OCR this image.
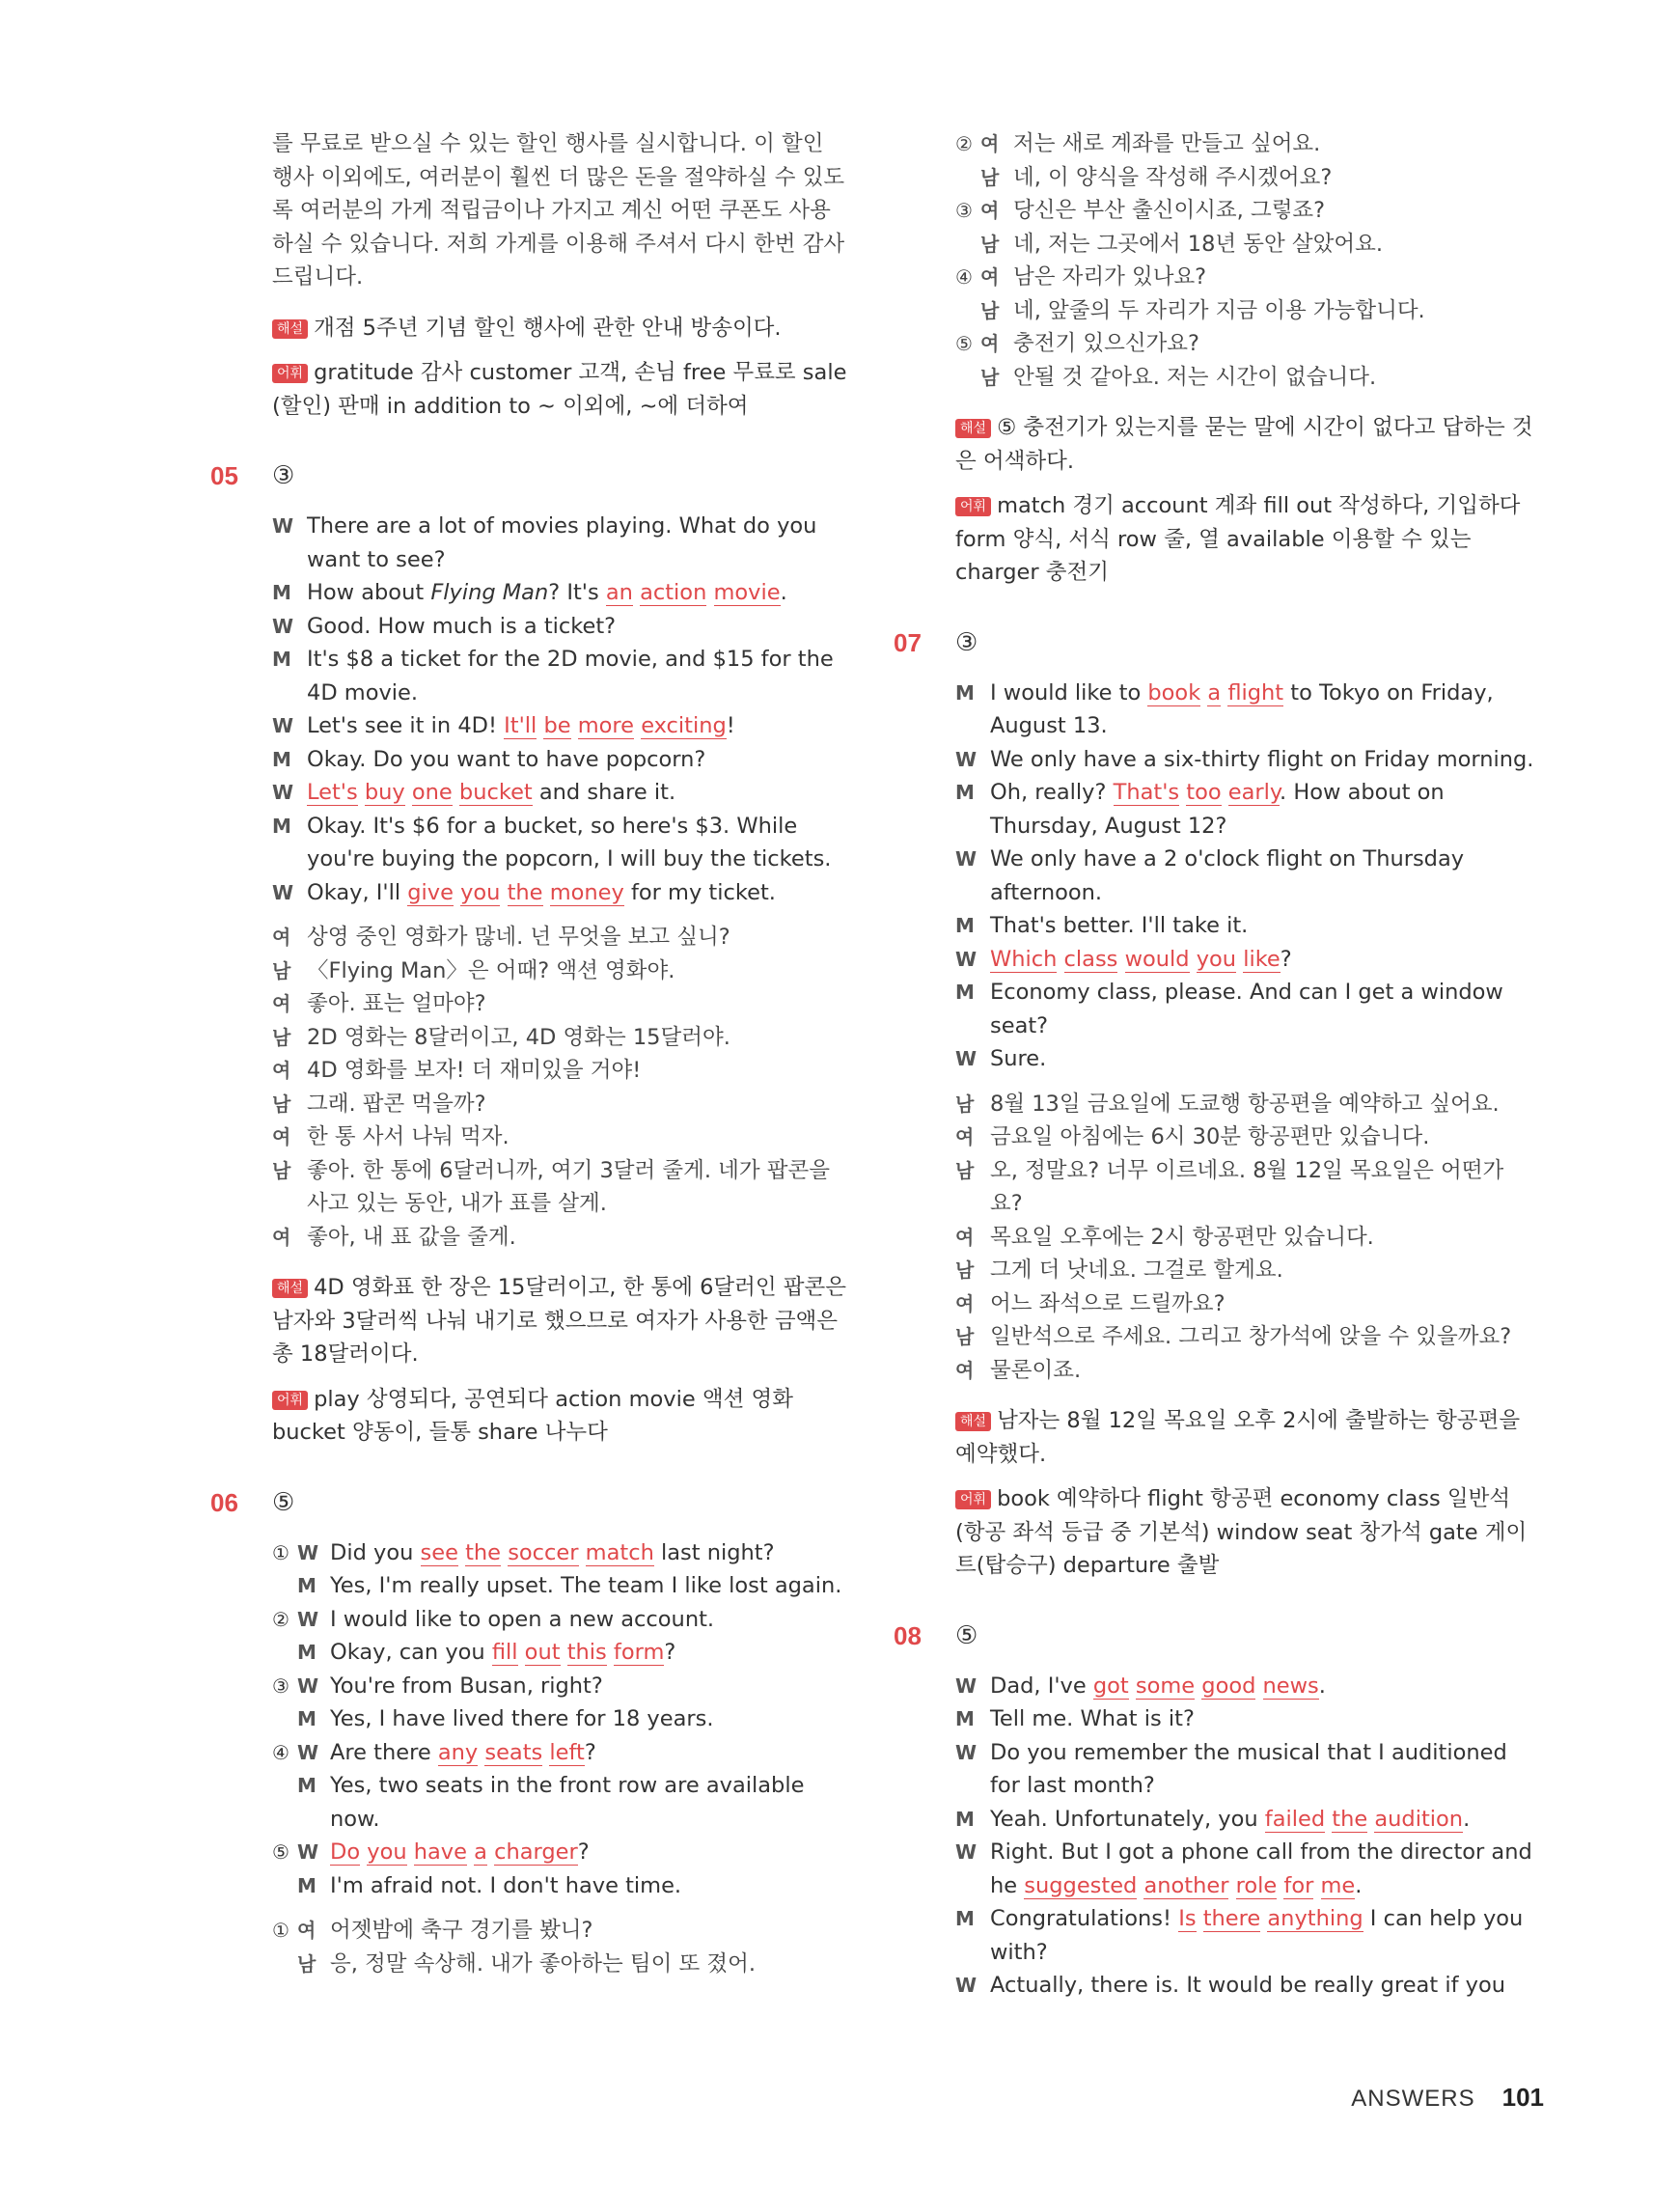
를 무료로 받으실 수 있는 할인 행사를 실시합니다. 이 할인 행사 이외에도, 여러분이 훨씬 더 많은 돈을 절약하실 수 있도록 여러분의 가게 적립금이나 가지고 계신 어떤 쿠폰도 사용하실 수 있습니다. 저희 가게를 이용해 주셔서 다시 한번 감사드립니다.

해설 개점 5주년 기념 할인 행사에 관한 안내 방송이다.

어휘 gratitude 감사 customer 고객, 손님 free 무료로 sale (할인) 판매 in addition to ~ 이외에, ~에 더하여

05 ③
W There are a lot of movies playing. What do you want to see?
M How about Flying Man? It's an action movie.
W Good. How much is a ticket?
M It's $8 a ticket for the 2D movie, and $15 for the 4D movie.
W Let's see it in 4D! It'll be more exciting!
M Okay. Do you want to have popcorn?
W Let's buy one bucket and share it.
M Okay. It's $6 for a bucket, so here's $3. While you're buying the popcorn, I will buy the tickets.
W Okay, I'll give you the money for my ticket.
여 상영 중인 영화가 많네. 넌 무엇을 보고 싶니?
남 〈Flying Man〉은 어때? 액션 영화야.
여 좋아. 표는 얼마야?
남 2D 영화는 8달러이고, 4D 영화는 15달러야.
여 4D 영화를 보자! 더 재미있을 거야!
남 그래. 팝콘 먹을까?
여 한 통 사서 나눠 먹자.
남 좋아. 한 통에 6달러니까, 여기 3달러 줄게. 네가 팝콘을 사고 있는 동안, 내가 표를 살게.
여 좋아, 내 표 값을 줄게.

해설 4D 영화표 한 장은 15달러이고, 한 통에 6달러인 팝콘은 남자와 3달러씩 나눠 내기로 했으므로 여자가 사용한 금액은 총 18달러이다.

어휘 play 상영되다, 공연되다 action movie 액션 영화 bucket 양동이, 들통 share 나누다

06 ⑤
① W Did you see the soccer match last night?
M Yes, I'm really upset. The team I like lost again.
② W I would like to open a new account.
M Okay, can you fill out this form?
③ W You're from Busan, right?
M Yes, I have lived there for 18 years.
④ W Are there any seats left?
M Yes, two seats in the front row are available now.
⑤ W Do you have a charger?
M I'm afraid not. I don't have time.
① 여 어젯밤에 축구 경기를 봤니?
남 응, 정말 속상해. 내가 좋아하는 팀이 또 졌어.
② 여 저는 새로 계좌를 만들고 싶어요.
남 네, 이 양식을 작성해 주시겠어요?
③ 여 당신은 부산 출신이시죠, 그렇죠?
남 네, 저는 그곳에서 18년 동안 살았어요.
④ 여 남은 자리가 있나요?
남 네, 앞줄의 두 자리가 지금 이용 가능합니다.
⑤ 여 충전기 있으신가요?
남 안될 것 같아요. 저는 시간이 없습니다.

해설 ⑤ 충전기가 있는지를 묻는 말에 시간이 없다고 답하는 것은 어색하다.

어휘 match 경기 account 계좌 fill out 작성하다, 기입하다 form 양식, 서식 row 줄, 열 available 이용할 수 있는 charger 충전기

07 ③
M I would like to book a flight to Tokyo on Friday, August 13.
W We only have a six-thirty flight on Friday morning.
M Oh, really? That's too early. How about on Thursday, August 12?
W We only have a 2 o'clock flight on Thursday afternoon.
M That's better. I'll take it.
W Which class would you like?
M Economy class, please. And can I get a window seat?
W Sure.
남 8월 13일 금요일에 도쿄행 항공편을 예약하고 싶어요.
여 금요일 아침에는 6시 30분 항공편만 있습니다.
남 오, 정말요? 너무 이르네요. 8월 12일 목요일은 어떤가요?
여 목요일 오후에는 2시 항공편만 있습니다.
남 그게 더 낫네요. 그걸로 할게요.
여 어느 좌석으로 드릴까요?
남 일반석으로 주세요. 그리고 창가석에 앉을 수 있을까요?
여 물론이죠.

해설 남자는 8월 12일 목요일 오후 2시에 출발하는 항공편을 예약했다.

어휘 book 예약하다 flight 항공편 economy class 일반석 (항공 좌석 등급 중 기본석) window seat 창가석 gate 게이트(탑승구) departure 출발

08 ⑤
W Dad, I've got some good news.
M Tell me. What is it?
W Do you remember the musical that I auditioned for last month?
M Yeah. Unfortunately, you failed the audition.
W Right. But I got a phone call from the director and he suggested another role for me.
M Congratulations! Is there anything I can help you with?
W Actually, there is. It would be really great if you
ANSWERS 101
